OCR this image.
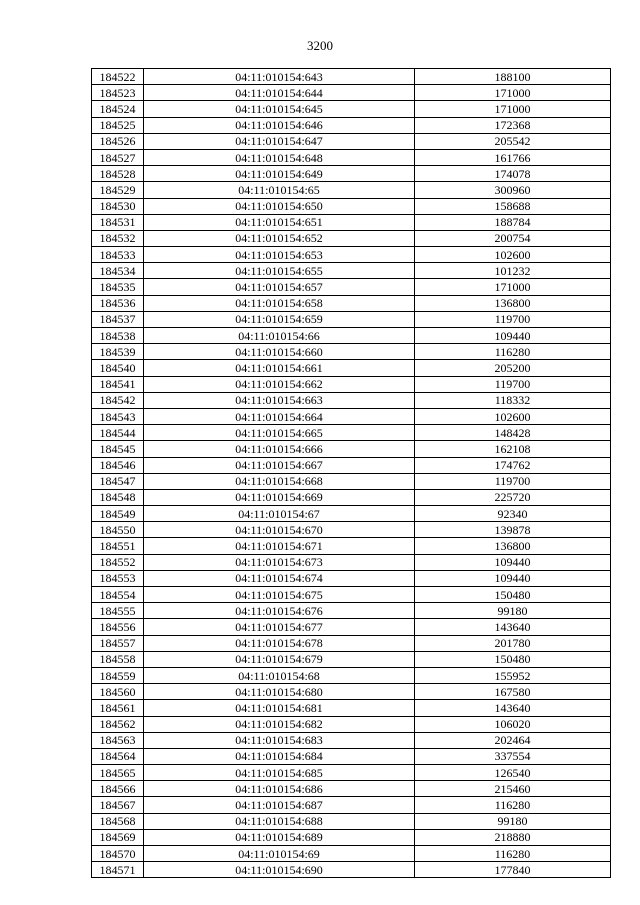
3200
184522	04:11:010154:643	188100
184523	04:11:010154:644	171000
184524	04:11:010154:645	171000
184525	04:11:010154:646	172368
184526	04:11:010154:647	205542
184527	04:11:010154:648	161766
184528	04:11:010154:649	174078
184529	04:11:010154:65	300960
184530	04:11:010154:650	158688
184531	04:11:010154:651	188784
184532	04:11:010154:652	200754
184533	04:11:010154:653	102600
184534	04:11:010154:655	101232
184535	04:11:010154:657	171000
184536	04:11:010154:658	136800
184537	04:11:010154:659	119700
184538	04:11:010154:66	109440
184539	04:11:010154:660	116280
184540	04:11:010154:661	205200
184541	04:11:010154:662	119700
184542	04:11:010154:663	118332
184543	04:11:010154:664	102600
184544	04:11:010154:665	148428
184545	04:11:010154:666	162108
184546	04:11:010154:667	174762
184547	04:11:010154:668	119700
184548	04:11:010154:669	225720
184549	04:11:010154:67	92340
184550	04:11:010154:670	139878
184551	04:11:010154:671	136800
184552	04:11:010154:673	109440
184553	04:11:010154:674	109440
184554	04:11:010154:675	150480
184555	04:11:010154:676	99180
184556	04:11:010154:677	143640
184557	04:11:010154:678	201780
184558	04:11:010154:679	150480
184559	04:11:010154:68	155952
184560	04:11:010154:680	167580
184561	04:11:010154:681	143640
184562	04:11:010154:682	106020
184563	04:11:010154:683	202464
184564	04:11:010154:684	337554
184565	04:11:010154:685	126540
184566	04:11:010154:686	215460
184567	04:11:010154:687	116280
184568	04:11:010154:688	99180
184569	04:11:010154:689	218880
184570	04:11:010154:69	116280
184571	04:11:010154:690	177840
